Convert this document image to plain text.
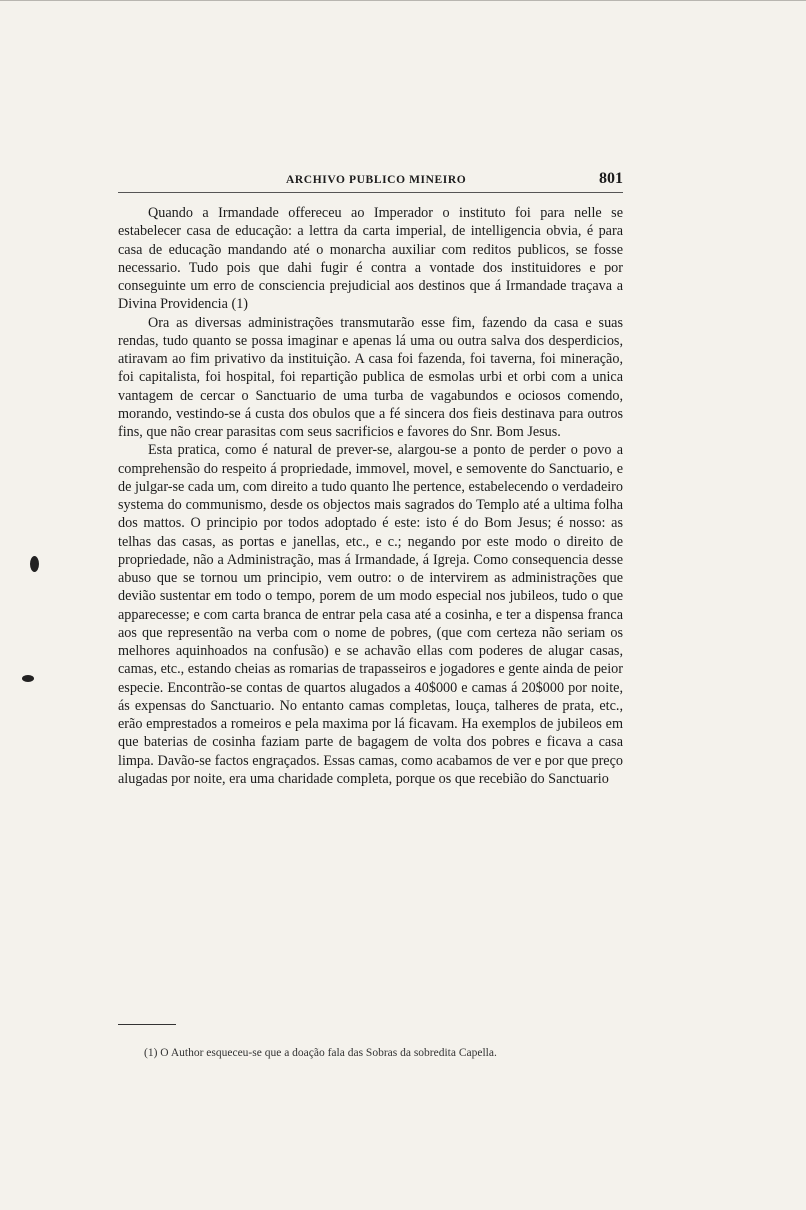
ARCHIVO PUBLICO MINEIRO	801

Quando a Irmandade offereceu ao Imperador o instituto foi para nelle se estabelecer casa de educação: a lettra da carta imperial, de intelligencia obvia, é para casa de educação mandando até o monarcha auxiliar com reditos publicos, se fosse necessario. Tudo pois que dahi fugir é contra a vontade dos instituidores e por conseguinte um erro de consciencia prejudicial aos destinos que á Irmandade traçava a Divina Providencia (1)

Ora as diversas administrações transmutarão esse fim, fazendo da casa e suas rendas, tudo quanto se possa imaginar e apenas lá uma ou outra salva dos desperdicios, atiravam ao fim privativo da instituição. A casa foi fazenda, foi taverna, foi mineração, foi capitalista, foi hospital, foi repartição publica de esmolas urbi et orbi com a unica vantagem de cercar o Sanctuario de uma turba de vagabundos e ociosos comendo, morando, vestindo-se á custa dos obulos que a fé sincera dos fieis destinava para outros fins, que não crear parasitas com seus sacrificios e favores do Snr. Bom Jesus.

Esta pratica, como é natural de prever-se, alargou-se a ponto de perder o povo a comprehensão do respeito á propriedade, immovel, movel, e semovente do Sanctuario, e de julgar-se cada um, com direito a tudo quanto lhe pertence, estabelecendo o verdadeiro systema do communismo, desde os objectos mais sagrados do Templo até a ultima folha dos mattos. O principio por todos adoptado é este: isto é do Bom Jesus; é nosso: as telhas das casas, as portas e janellas, etc., e c.; negando por este modo o direito de propriedade, não a Administração, mas á Irmandade, á Igreja. Como consequencia desse abuso que se tornou um principio, vem outro: o de intervirem as administrações que devião sustentar em todo o tempo, porem de um modo especial nos jubileos, tudo o que apparecesse; e com carta branca de entrar pela casa até a cosinha, e ter a dispensa franca aos que representão na verba com o nome de pobres, (que com certeza não seriam os melhores aquinhoados na confusão) e se achavão ellas com poderes de alugar casas, camas, etc., estando cheias as romarias de trapasseiros e jogadores e gente ainda de peior especie. Encontrão-se contas de quartos alugados a 40$000 e camas á 20$000 por noite, ás expensas do Sanctuario. No entanto camas completas, louça, talheres de prata, etc., erão emprestados a romeiros e pela maxima por lá ficavam. Ha exemplos de jubileos em que baterias de cosinha faziam parte de bagagem de volta dos pobres e ficava a casa limpa. Davão-se factos engraçados. Essas camas, como acabamos de ver e por que preço alugadas por noite, era uma charidade completa, porque os que recebião do Sanctuario

(1) O Author esqueceu-se que a doação fala das Sobras da sobredita Capella.
